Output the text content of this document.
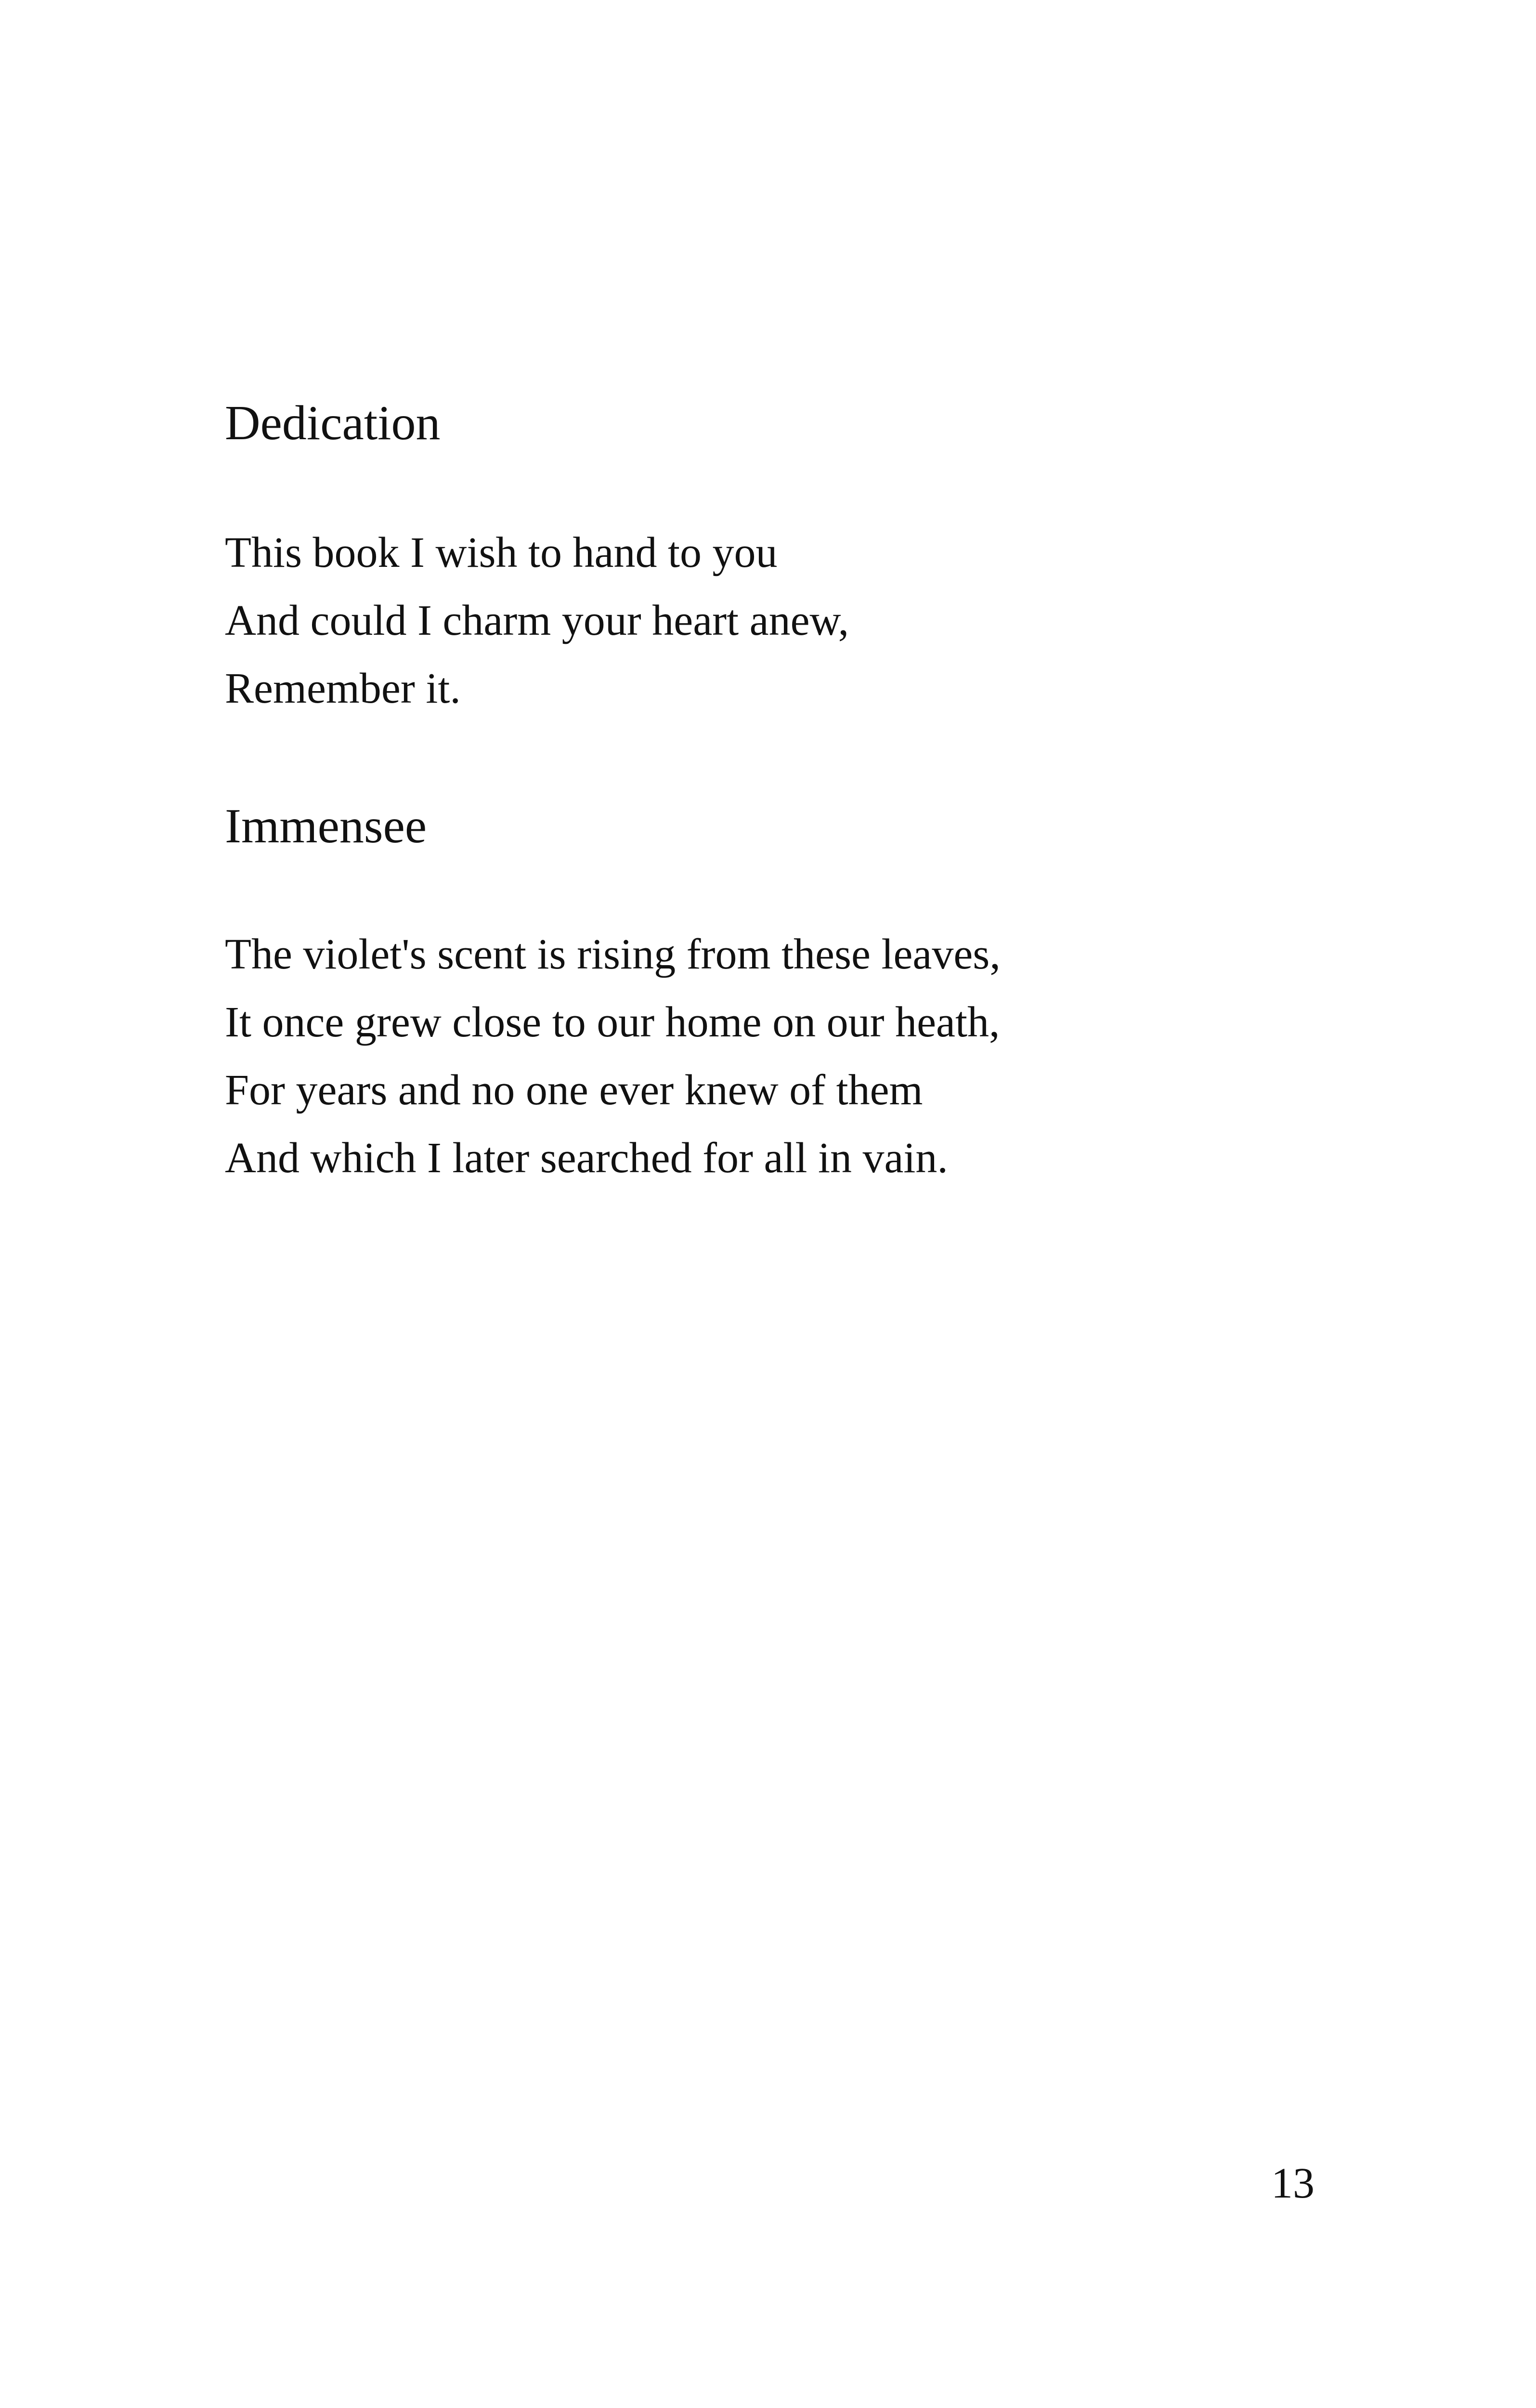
Dedication
This book I wish to hand to you
And could I charm your heart anew,
Remember it.
Immensee
The violet's scent is rising from these leaves,
It once grew close to our home on our heath,
For years and no one ever knew of them
And which I later searched for all in vain.
13
